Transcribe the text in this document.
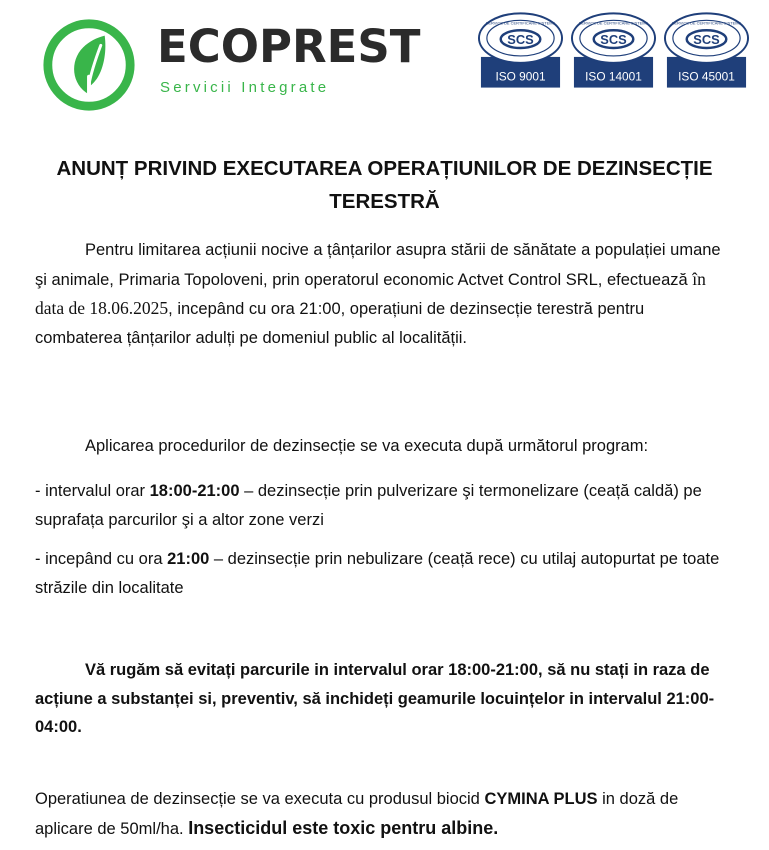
ECOPREST
Servicii Integrate
SCS
SERVICE DE CERTIFICARE SISTEME
ISO 9001
SCS
SERVICE DE CERTIFICARE SISTEME
ISO 14001
SCS
SERVICE DE CERTIFICARE SISTEME
ISO 45001
ANUNȚ PRIVIND EXECUTAREA OPERAȚIUNILOR DE DEZINSECȚIE
TERESTRĂ
Pentru limitarea acțiunii nocive a țânțarilor asupra stării de sănătate a populației umane şi animale, Primaria Topoloveni, prin operatorul economic Actvet Control SRL, efectuează în data de 18.06.2025, incepând cu ora 21:00, operațiuni de dezinsecție terestră pentru combaterea țânțarilor adulți pe domeniul public al localității.
Aplicarea procedurilor de dezinsecție se va executa după următorul program:
- intervalul orar 18:00-21:00 – dezinsecție prin pulverizare şi termonelizare (ceață caldă) pe suprafața parcurilor şi a altor zone verzi
- incepând cu ora 21:00 – dezinsecție prin nebulizare (ceață rece) cu utilaj autopurtat pe toate străzile din localitate
Vă rugăm să evitați parcurile in intervalul orar 18:00-21:00, să nu stați in raza de acțiune a substanței si, preventiv, să inchideți geamurile locuințelor in intervalul 21:00-04:00.
Operatiunea de dezinsecție se va executa cu produsul biocid CYMINA PLUS in doză de aplicare de 50ml/ha. Insecticidul este toxic pentru albine.
